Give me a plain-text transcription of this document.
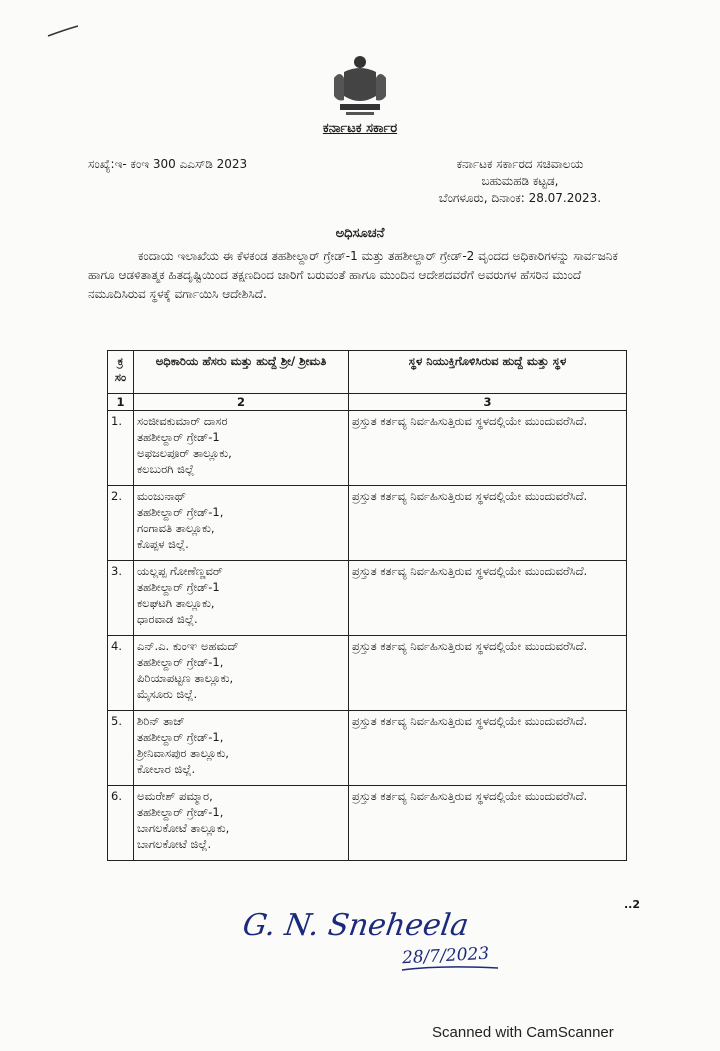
ಕರ್ನಾಟಕ ಸರ್ಕಾರ
ಸಂಖ್ಯೆ:ಇ- ಕಂಇ 300 ಎಎಸ್‌ಡಿ 2023	ಕರ್ನಾಟಕ ಸರ್ಕಾರದ ಸಚಿವಾಲಯ
ಬಹುಮಹಡಿ ಕಟ್ಟಡ,
ಬೆಂಗಳೂರು, ದಿನಾಂಕ: 28.07.2023.
ಅಧಿಸೂಚನೆ
ಕಂದಾಯ ಇಲಾಖೆಯ ಈ ಕೆಳಕಂಡ ತಹಶೀಲ್ದಾರ್ ಗ್ರೇಡ್-1 ಮತ್ತು ತಹಶೀಲ್ದಾರ್ ಗ್ರೇಡ್-2 ವೃಂದದ ಅಧಿಕಾರಿಗಳನ್ನು ಸಾರ್ವಜನಿಕ ಹಾಗೂ ಆಡಳಿತಾತ್ಮಕ ಹಿತದೃಷ್ಟಿಯಿಂದ ತಕ್ಷಣದಿಂದ ಜಾರಿಗೆ ಬರುವಂತೆ ಹಾಗೂ ಮುಂದಿನ ಆದೇಶದವರೆಗೆ ಅವರುಗಳ ಹೆಸರಿನ ಮುಂದೆ ನಮೂದಿಸಿರುವ ಸ್ಥಳಕ್ಕೆ ವರ್ಗಾಯಿಸಿ ಆದೇಶಿಸಿದೆ.
ಕ್ರ ಸಂ	ಅಧಿಕಾರಿಯ ಹೆಸರು ಮತ್ತು ಹುದ್ದೆ ಶ್ರೀ/ ಶ್ರೀಮತಿ	ಸ್ಥಳ ನಿಯುಕ್ತಿಗೊಳಿಸಿರುವ ಹುದ್ದೆ ಮತ್ತು ಸ್ಥಳ
1	2	3
1.	ಸಂಜೀವಕುಮಾರ್ ದಾಸರ
ತಹಶೀಲ್ದಾರ್ ಗ್ರೇಡ್-1
ಅಫಜಲಪೂರ್ ತಾಲ್ಲೂಕು,
ಕಲಬುರಗಿ ಜಿಲ್ಲೆ	ಪ್ರಸ್ತುತ ಕರ್ತವ್ಯ ನಿರ್ವಹಿಸುತ್ತಿರುವ ಸ್ಥಳದಲ್ಲಿಯೇ ಮುಂದುವರೆಸಿದೆ.
2.	ಮಂಜುನಾಥ್
ತಹಶೀಲ್ದಾರ್ ಗ್ರೇಡ್-1,
ಗಂಗಾವತಿ ತಾಲ್ಲೂಕು,
ಕೊಪ್ಪಳ ಜಿಲ್ಲೆ.	ಪ್ರಸ್ತುತ ಕರ್ತವ್ಯ ನಿರ್ವಹಿಸುತ್ತಿರುವ ಸ್ಥಳದಲ್ಲಿಯೇ ಮುಂದುವರೆಸಿದೆ.
3.	ಯಲ್ಲಪ್ಪ ಗೋಣೆಣ್ಣವರ್
ತಹಶೀಲ್ದಾರ್ ಗ್ರೇಡ್-1
ಕಲಘಟಗಿ ತಾಲ್ಲೂಕು,
ಧಾರವಾಡ ಜಿಲ್ಲೆ.	ಪ್ರಸ್ತುತ ಕರ್ತವ್ಯ ನಿರ್ವಹಿಸುತ್ತಿರುವ ಸ್ಥಳದಲ್ಲಿಯೇ ಮುಂದುವರೆಸಿದೆ.
4.	ಎನ್.ಎ. ಕುಂಞ ಅಹಮದ್
ತಹಶೀಲ್ದಾರ್ ಗ್ರೇಡ್-1,
ಪಿರಿಯಾಪಟ್ಟಣ ತಾಲ್ಲೂಕು,
ಮೈಸೂರು ಜಿಲ್ಲೆ.	ಪ್ರಸ್ತುತ ಕರ್ತವ್ಯ ನಿರ್ವಹಿಸುತ್ತಿರುವ ಸ್ಥಳದಲ್ಲಿಯೇ ಮುಂದುವರೆಸಿದೆ.
5.	ಶಿರಿನ್ ತಾಜ್
ತಹಶೀಲ್ದಾರ್ ಗ್ರೇಡ್-1,
ಶ್ರೀನಿವಾಸಪುರ ತಾಲ್ಲೂಕು,
ಕೋಲಾರ ಜಿಲ್ಲೆ.	ಪ್ರಸ್ತುತ ಕರ್ತವ್ಯ ನಿರ್ವಹಿಸುತ್ತಿರುವ ಸ್ಥಳದಲ್ಲಿಯೇ ಮುಂದುವರೆಸಿದೆ.
6.	ಅಮರೇಶ್ ಪಮ್ಮಾರ,
ತಹಶೀಲ್ದಾರ್ ಗ್ರೇಡ್-1,
ಬಾಗಲಕೋಟೆ ತಾಲ್ಲೂಕು,
ಬಾಗಲಕೋಟೆ ಜಿಲ್ಲೆ.	ಪ್ರಸ್ತುತ ಕರ್ತವ್ಯ ನಿರ್ವಹಿಸುತ್ತಿರುವ ಸ್ಥಳದಲ್ಲಿಯೇ ಮುಂದುವರೆಸಿದೆ.
..2
G. N. Sneheela
28/7/2023
Scanned with CamScanner
